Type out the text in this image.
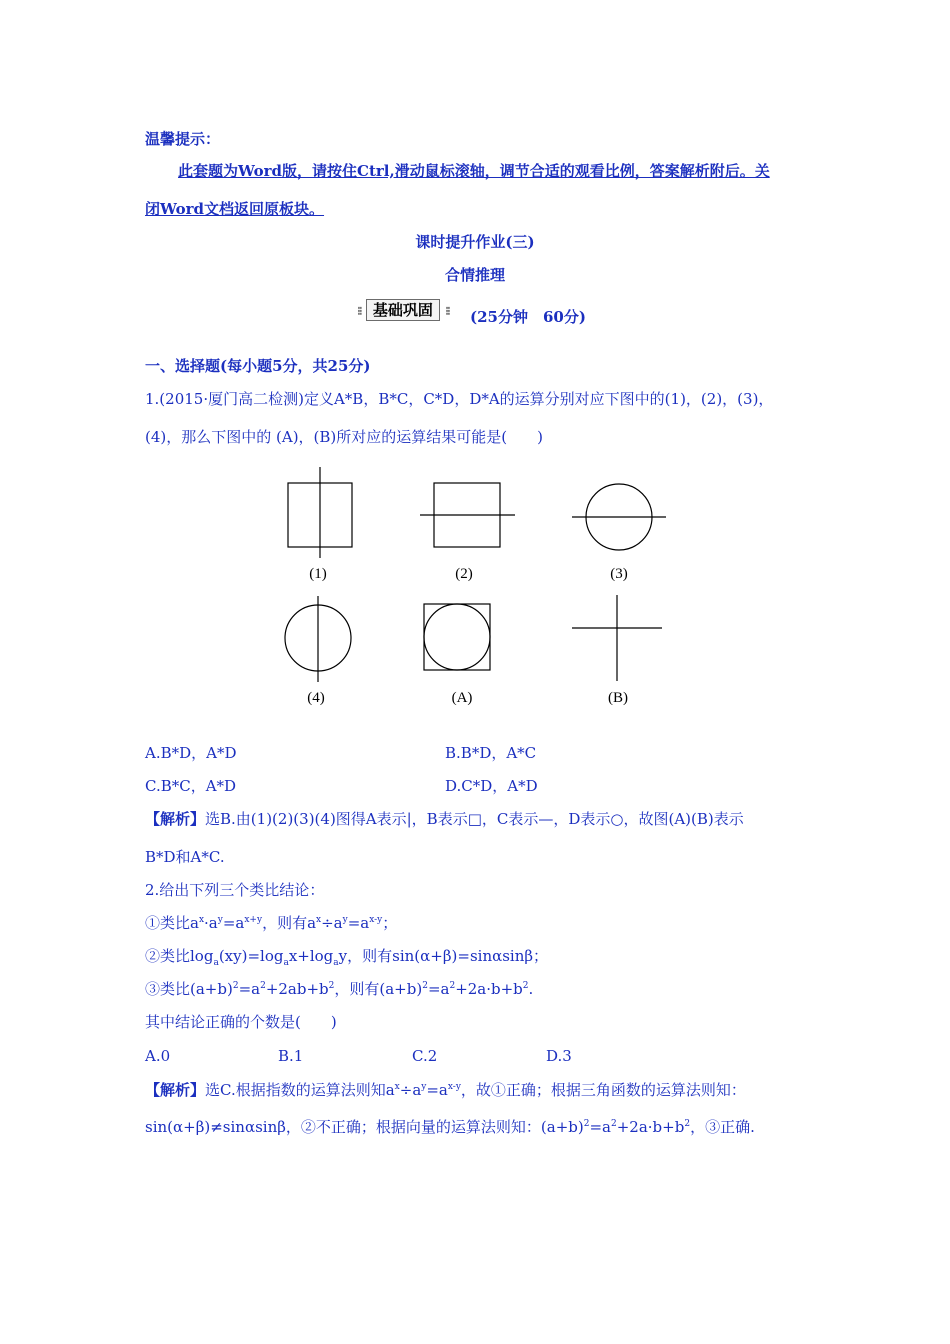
温馨提示：
此套题为Word版，请按住Ctrl,滑动鼠标滚轴，调节合适的观看比例，答案解析附后。关
闭Word文档返回原板块。
课时提升作业(三)
合情推理
⁝⁝ 基础巩固 ⁝⁝ (25分钟　60分)
一、选择题(每小题5分，共25分)
1.(2015·厦门高二检测)定义A*B，B*C，C*D，D*A的运算分别对应下图中的(1)，(2)，(3)，
(4)，那么下图中的 (A)，(B)所对应的运算结果可能是(　　)
(1)	(2)	(3)
(4)	(A)	(B)
A.B*D，A*D	B.B*D，A*C
C.B*C，A*D	D.C*D，A*D
【解析】选B.由(1)(2)(3)(4)图得A表示|，B表示□，C表示—，D表示○，故图(A)(B)表示
B*D和A*C.
2.给出下列三个类比结论：
①类比$a^x\cdot a^y=a^{x+y}$，则有$a^x\div a^y=a^{x-y}$；
②类比$\log_a(xy)=\log_ax+\log_ay$，则有sin(α+β)=sinαsinβ；
③类比$(a+b)^2=a^2+2ab+b^2$，则有$(a+b)^2=a^2+2a\cdot b+b^2$.
其中结论正确的个数是(　　)
A.0	B.1	C.2	D.3
【解析】选C.根据指数的运算法则知$a^x\div a^y=a^{x-y}$，故①正确；根据三角函数的运算法则知：
sin(α+β)≠sinαsinβ，②不正确；根据向量的运算法则知：$(a+b)^2=a^2+2a\cdot b+b^2$，③正确.
